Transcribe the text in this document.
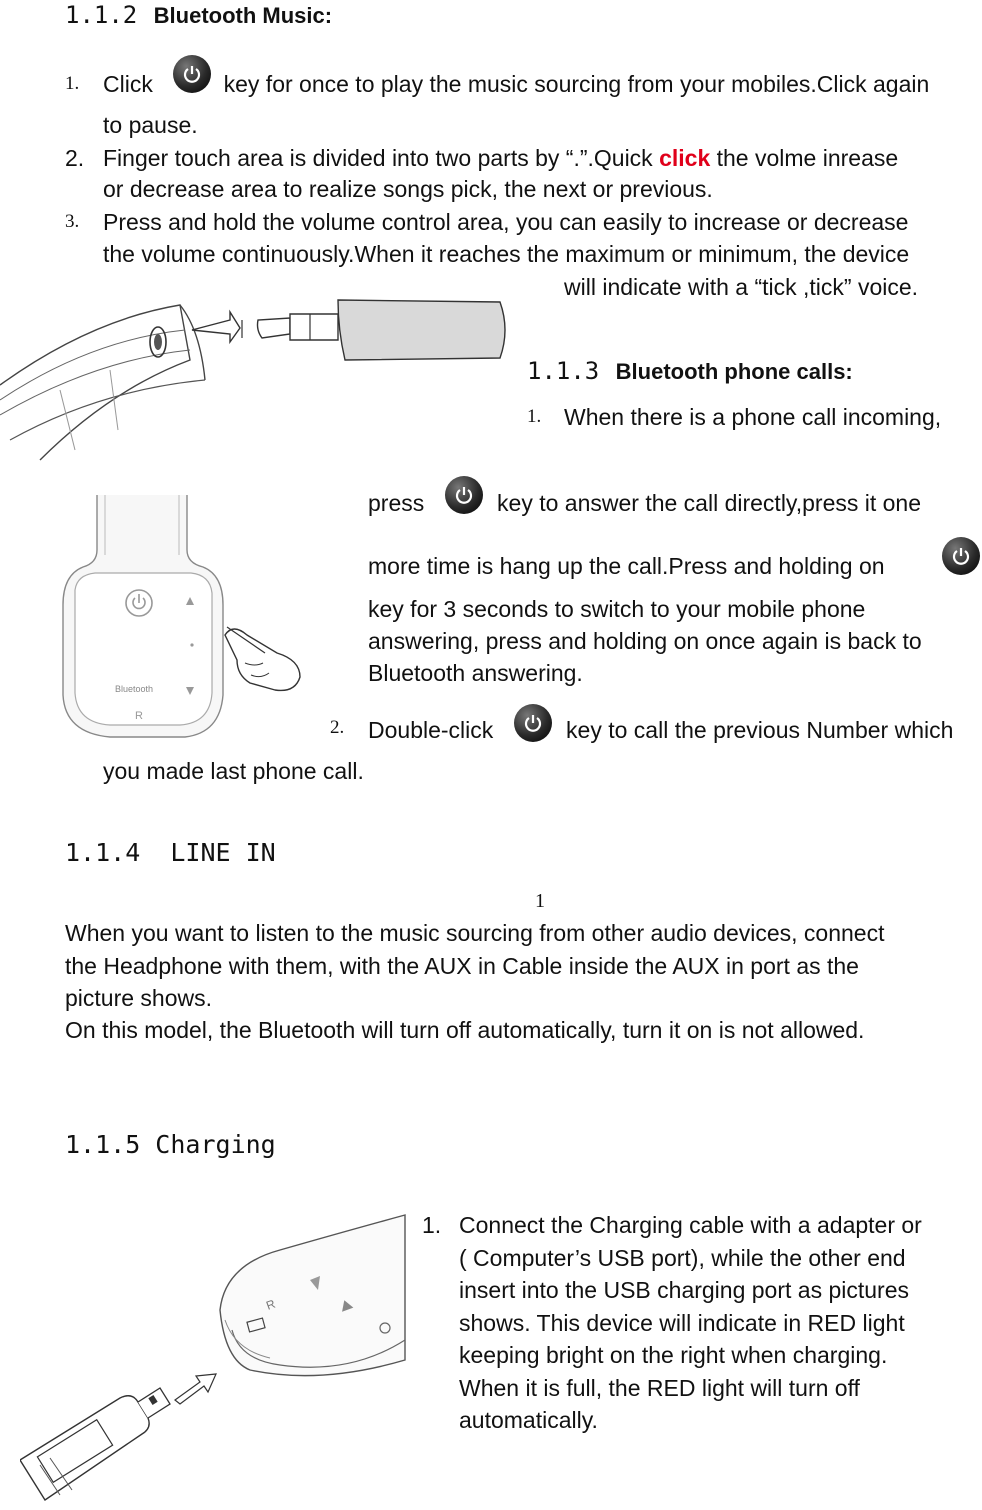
1.1.2 Bluetooth Music:
1. Click	key for once to play the music sourcing from your mobiles.Click again
to pause.
2. Finger touch area is divided into two parts by “.”.Quick click the volme inrease
or decrease area to realize songs pick, the next or previous.
3. Press and hold the volume control area, you can easily to increase or decrease
the volume continuously.When it reaches the maximum or minimum, the device
will indicate with a “tick ,tick” voice.
1.1.3 Bluetooth phone calls:
1. When there is a phone call incoming,
press	key to answer the call directly,press it one
more time is hang up the call.Press and holding on
key for 3 seconds to switch to your mobile phone
answering, press and holding on once again is back to
Bluetooth answering.
2. Double-click	key to call the previous Number which
you made last phone call.
Bluetooth
R
1.1.4  LINE IN
1
When you want to listen to the music sourcing from other audio devices, connect
the Headphone with them, with the AUX in Cable inside the AUX in port as the
picture shows.
On this model, the Bluetooth will turn off automatically, turn it on is not allowed.
1.1.5 Charging
1. Connect the Charging cable with a adapter or
( Computer’s USB port), while the other end
insert into the USB charging port as pictures
shows. This device will indicate in RED light
keeping bright on the right when charging.
When it is full, the RED light will turn off
automatically.
R
